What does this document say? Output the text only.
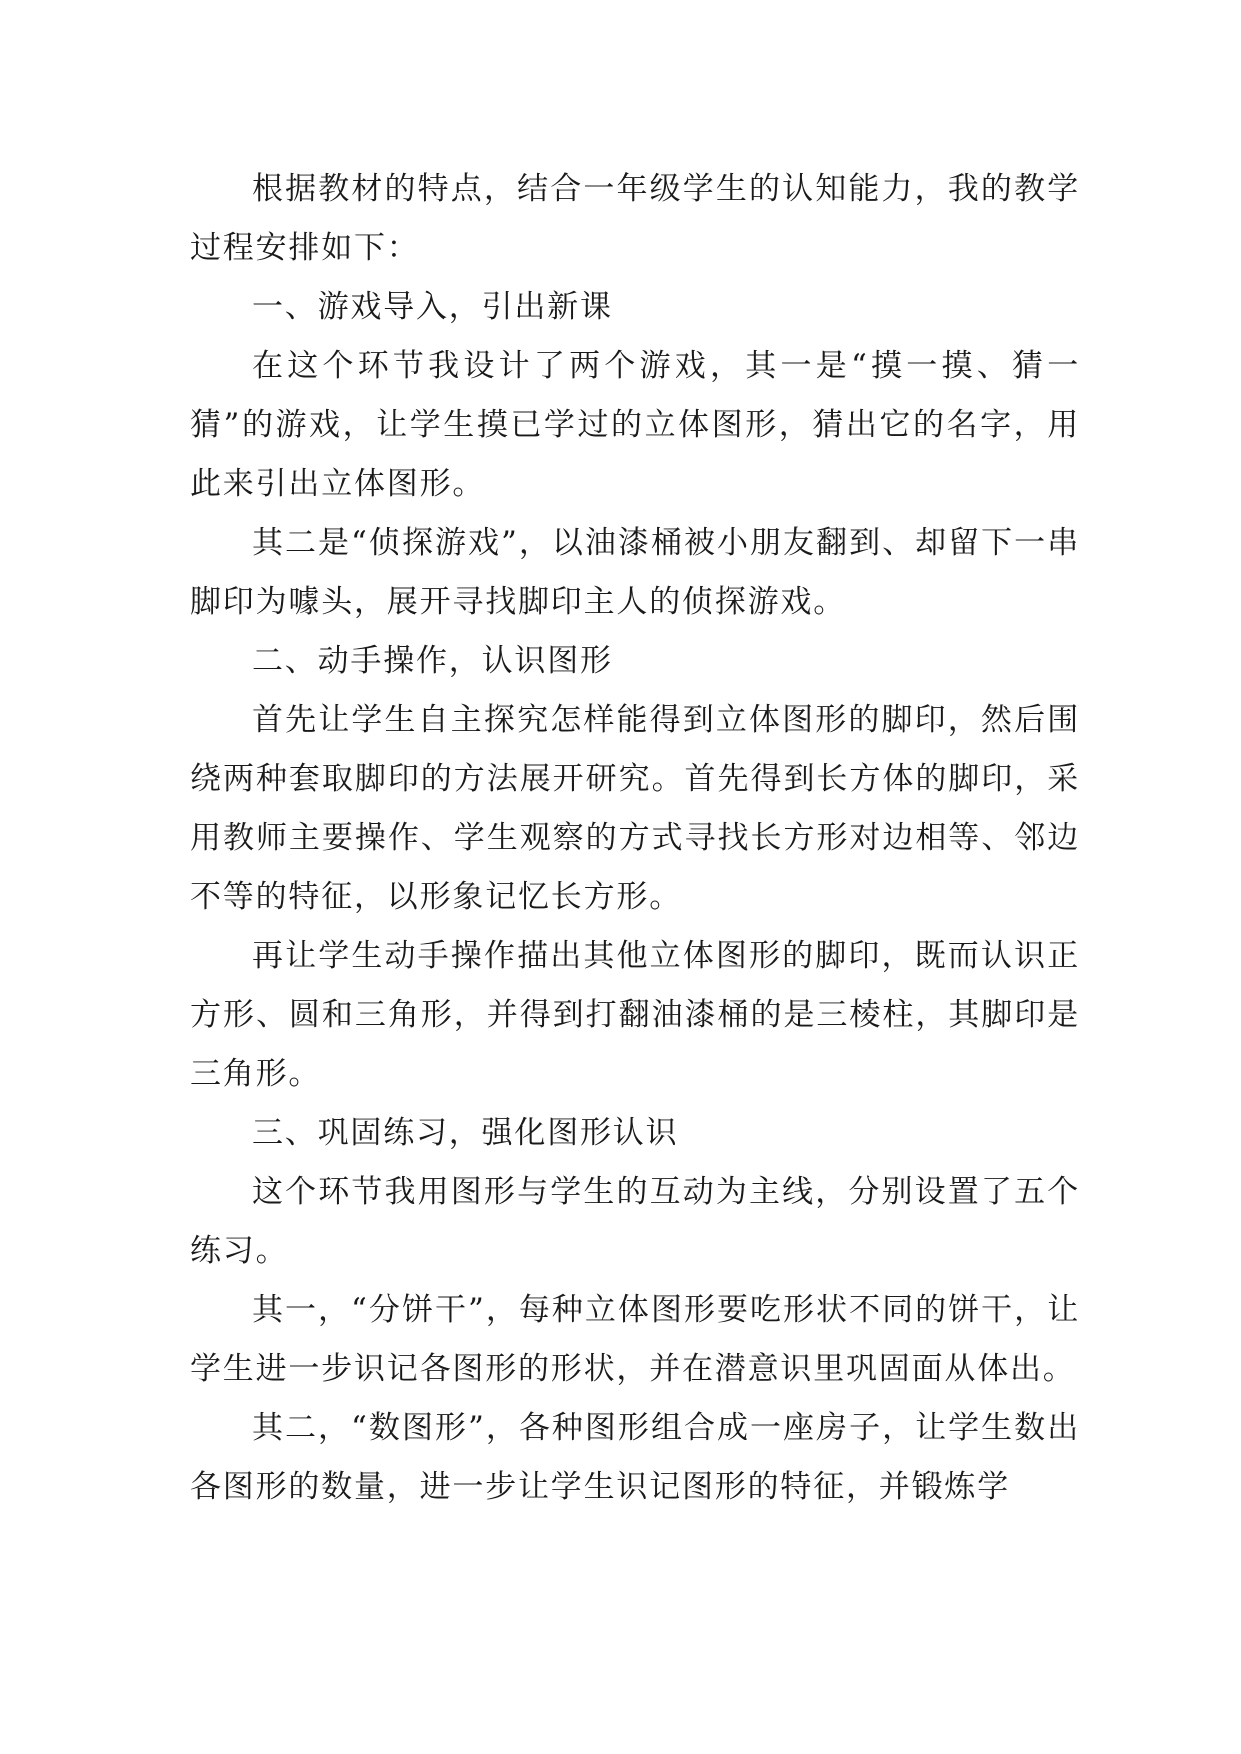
根据教材的特点，结合一年级学生的认知能力，我的教学过程安排如下：

一、游戏导入，引出新课

在这个环节我设计了两个游戏，其一是“摸一摸、猜一猜”的游戏，让学生摸已学过的立体图形，猜出它的名字，用此来引出立体图形。

其二是“侦探游戏”，以油漆桶被小朋友翻到、却留下一串脚印为噱头，展开寻找脚印主人的侦探游戏。

二、动手操作，认识图形

首先让学生自主探究怎样能得到立体图形的脚印，然后围绕两种套取脚印的方法展开研究。首先得到长方体的脚印，采用教师主要操作、学生观察的方式寻找长方形对边相等、邻边不等的特征，以形象记忆长方形。

再让学生动手操作描出其他立体图形的脚印，既而认识正方形、圆和三角形，并得到打翻油漆桶的是三棱柱，其脚印是三角形。

三、巩固练习，强化图形认识

这个环节我用图形与学生的互动为主线，分别设置了五个练习。

其一，“分饼干”，每种立体图形要吃形状不同的饼干，让学生进一步识记各图形的形状，并在潜意识里巩固面从体出。

其二，“数图形”，各种图形组合成一座房子，让学生数出各图形的数量，进一步让学生识记图形的特征，并锻炼学
